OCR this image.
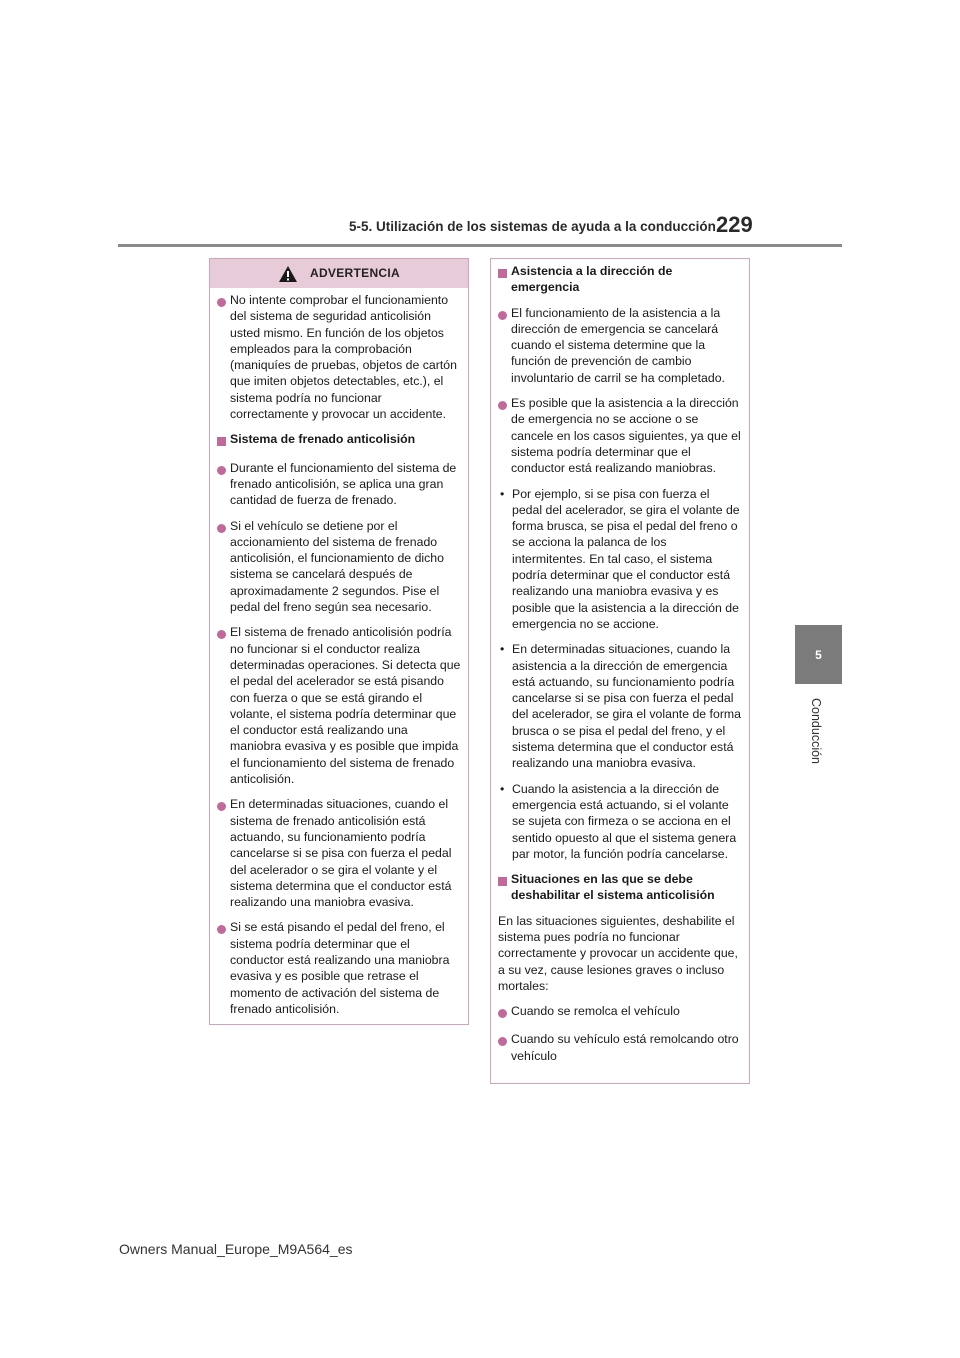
5-5. Utilización de los sistemas de ayuda a la conducción 229
5
Conducción
ADVERTENCIA
No intente comprobar el funcionamiento del sistema de seguridad anticolisión usted mismo. En función de los objetos empleados para la comprobación (maniquíes de pruebas, objetos de cartón que imiten objetos detectables, etc.), el sistema podría no funcionar correctamente y provocar un accidente.
Sistema de frenado anticolisión
Durante el funcionamiento del sistema de frenado anticolisión, se aplica una gran cantidad de fuerza de frenado.
Si el vehículo se detiene por el accionamiento del sistema de frenado anticolisión, el funcionamiento de dicho sistema se cancelará después de aproximadamente 2 segundos. Pise el pedal del freno según sea necesario.
El sistema de frenado anticolisión podría no funcionar si el conductor realiza determinadas operaciones. Si detecta que el pedal del acelerador se está pisando con fuerza o que se está girando el volante, el sistema podría determinar que el conductor está realizando una maniobra evasiva y es posible que impida el funcionamiento del sistema de frenado anticolisión.
En determinadas situaciones, cuando el sistema de frenado anticolisión está actuando, su funcionamiento podría cancelarse si se pisa con fuerza el pedal del acelerador o se gira el volante y el sistema determina que el conductor está realizando una maniobra evasiva.
Si se está pisando el pedal del freno, el sistema podría determinar que el conductor está realizando una maniobra evasiva y es posible que retrase el momento de activación del sistema de frenado anticolisión.
Asistencia a la dirección de emergencia
El funcionamiento de la asistencia a la dirección de emergencia se cancelará cuando el sistema determine que la función de prevención de cambio involuntario de carril se ha completado.
Es posible que la asistencia a la dirección de emergencia no se accione o se cancele en los casos siguientes, ya que el sistema podría determinar que el conductor está realizando maniobras.
• Por ejemplo, si se pisa con fuerza el pedal del acelerador, se gira el volante de forma brusca, se pisa el pedal del freno o se acciona la palanca de los intermitentes. En tal caso, el sistema podría determinar que el conductor está realizando una maniobra evasiva y es posible que la asistencia a la dirección de emergencia no se accione.
• En determinadas situaciones, cuando la asistencia a la dirección de emergencia está actuando, su funcionamiento podría cancelarse si se pisa con fuerza el pedal del acelerador, se gira el volante de forma brusca o se pisa el pedal del freno, y el sistema determina que el conductor está realizando una maniobra evasiva.
• Cuando la asistencia a la dirección de emergencia está actuando, si el volante se sujeta con firmeza o se acciona en el sentido opuesto al que el sistema genera par motor, la función podría cancelarse.
Situaciones en las que se debe deshabilitar el sistema anticolisión
En las situaciones siguientes, deshabilite el sistema pues podría no funcionar correctamente y provocar un accidente que, a su vez, cause lesiones graves o incluso mortales:
Cuando se remolca el vehículo
Cuando su vehículo está remolcando otro vehículo
Owners Manual_Europe_M9A564_es
